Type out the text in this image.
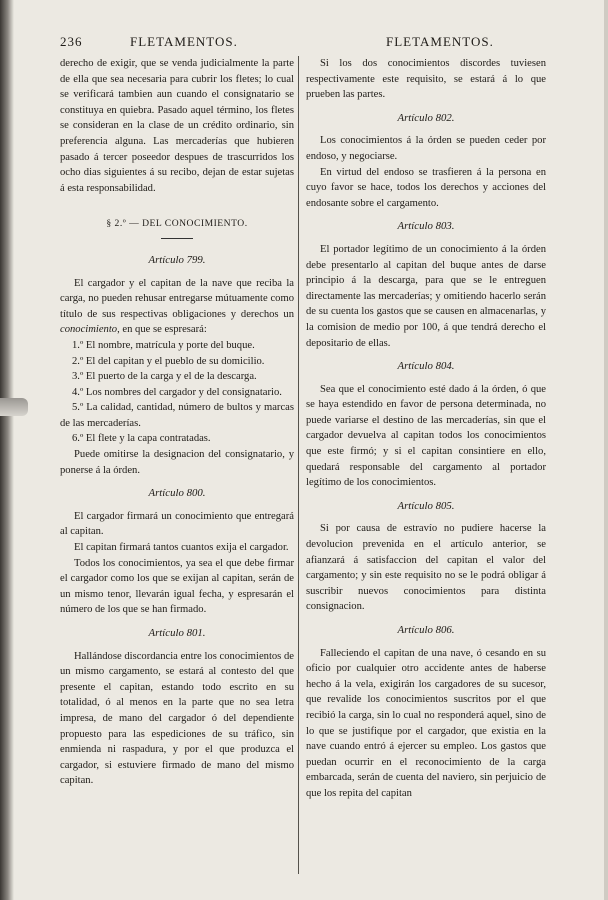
236	FLETAMENTOS.	FLETAMENTOS.

derecho de exigir, que se venda judicialmente la parte de ella que sea necesaria para cubrir los fletes; lo cual se verificará tambien aun cuando el consignatario se constituya en quiebra. Pasado aquel término, los fletes se consideran en la clase de un crédito ordinario, sin preferencia alguna. Las mercaderías que hubieren pasado á tercer poseedor despues de trascurridos los ocho dias siguientes á su recibo, dejan de estar sujetas á esta responsabilidad.

§ 2.º — DEL CONOCIMIENTO.
Artículo 799.

El cargador y el capitan de la nave que reciba la carga, no pueden rehusar entregarse mútuamente como título de sus respectivas obligaciones y derechos un conocimiento, en que se espresará:

1.º El nombre, matrícula y porte del buque.

2.º El del capitan y el pueblo de su domicilio.

3.º El puerto de la carga y el de la descarga.

4.º Los nombres del cargador y del consignatario.

5.º La calidad, cantidad, número de bultos y marcas de las mercaderías.

6.º El flete y la capa contratadas.

Puede omitirse la designacion del consignatario, y ponerse á la órden.

Artículo 800.

El cargador firmará un conocimiento que entregará al capitan.

El capitan firmará tantos cuantos exija el cargador.

Todos los conocimientos, ya sea el que debe firmar el cargador como los que se exijan al capitan, serán de un mismo tenor, llevarán igual fecha, y espresarán el número de los que se han firmado.

Artículo 801.

Hallándose discordancia entre los conocimientos de un mismo cargamento, se estará al contesto del que presente el capitan, estando todo escrito en su totalidad, ó al menos en la parte que no sea letra impresa, de mano del cargador ó del dependiente propuesto para las espediciones de su tráfico, sin enmienda ni raspadura, y por el que produzca el cargador, si estuviere firmado de mano del mismo capitan.

Si los dos conocimientos discordes tuviesen respectivamente este requisito, se estará á lo que prueben las partes.

Artículo 802.

Los conocimientos á la órden se pueden ceder por endoso, y negociarse.

En virtud del endoso se trasfieren á la persona en cuyo favor se hace, todos los derechos y acciones del endosante sobre el cargamento.

Artículo 803.

El portador legítimo de un conocimiento á la órden debe presentarlo al capitan del buque antes de darse principio á la descarga, para que se le entreguen directamente las mercaderías; y omitiendo hacerlo serán de su cuenta los gastos que se causen en almacenarlas, y la comision de medio por 100, á que tendrá derecho el depositario de ellas.

Artículo 804.

Sea que el conocimiento esté dado á la órden, ó que se haya estendido en favor de persona determinada, no puede variarse el destino de las mercaderías, sin que el cargador devuelva al capitan todos los conocimientos que este firmó; y si el capitan consintiere en ello, quedará responsable del cargamento al portador legítimo de los conocimientos.

Artículo 805.

Si por causa de estravío no pudiere hacerse la devolucion prevenida en el artículo anterior, se afianzará á satisfaccion del capitan el valor del cargamento; y sin este requisito no se le podrá obligar á suscribir nuevos conocimientos para distinta consignacion.

Artículo 806.

Falleciendo el capitan de una nave, ó cesando en su oficio por cualquier otro accidente antes de haberse hecho á la vela, exigirán los cargadores de su sucesor, que revalide los conocimientos suscritos por el que recibió la carga, sin lo cual no responderá aquel, sino de lo que se justifique por el cargador, que existia en la nave cuando entró á ejercer su empleo. Los gastos que puedan ocurrir en el reconocimiento de la carga embarcada, serán de cuenta del naviero, sin perjuicio de que los repita del capitan
